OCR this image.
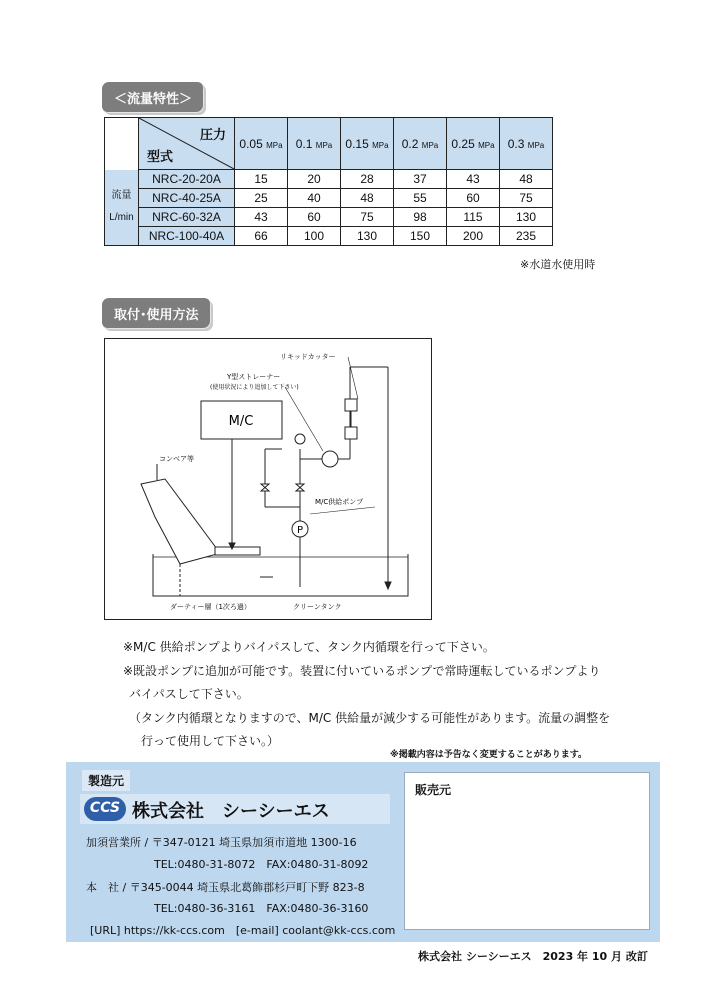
＜流量特性＞

	圧力
型式	0.05 MPa	0.1 MPa	0.15 MPa	0.2 MPa	0.25 MPa	0.3 MPa

流量
L/min	NRC-20-20A	15	20	28	37	43	48
	NRC-40-25A	25	40	48	55	60	75
	NRC-60-32A	43	60	75	98	115	130
	NRC-100-40A	66	100	130	150	200	235
※水道水使用時
取付･使用方法
P
M/C
リキッドカッター
Y型ストレーナー
(使用状況により追加して下さい)
コンベア等
M/C供給ポンプ
ダーティー層（1次ろ過）	クリーンタンク
※M/C 供給ポンプよりバイパスして、タンク内循環を行って下さい。
※既設ポンプに追加が可能です。装置に付いているポンプで常時運転しているポンプより
　バイパスして下さい。
（タンク内循環となりますので、M/C 供給量が減少する可能性があります。流量の調整を
　行って使用して下さい。）
※掲載内容は予告なく変更することがあります。
製造元
CCS 株式会社　シーシーエス
加須営業所 / 〒347-0121 埼玉県加須市道地 1300-16
TEL:0480-31-8072　FAX:0480-31-8092
本　社 / 〒345-0044 埼玉県北葛飾郡杉戸町下野 823-8
TEL:0480-36-3161　FAX:0480-36-3160
[URL] https://kk-ccs.com　[e-mail] coolant@kk-ccs.com
販売元
株式会社 シーシーエス　2023 年 10 月 改訂
